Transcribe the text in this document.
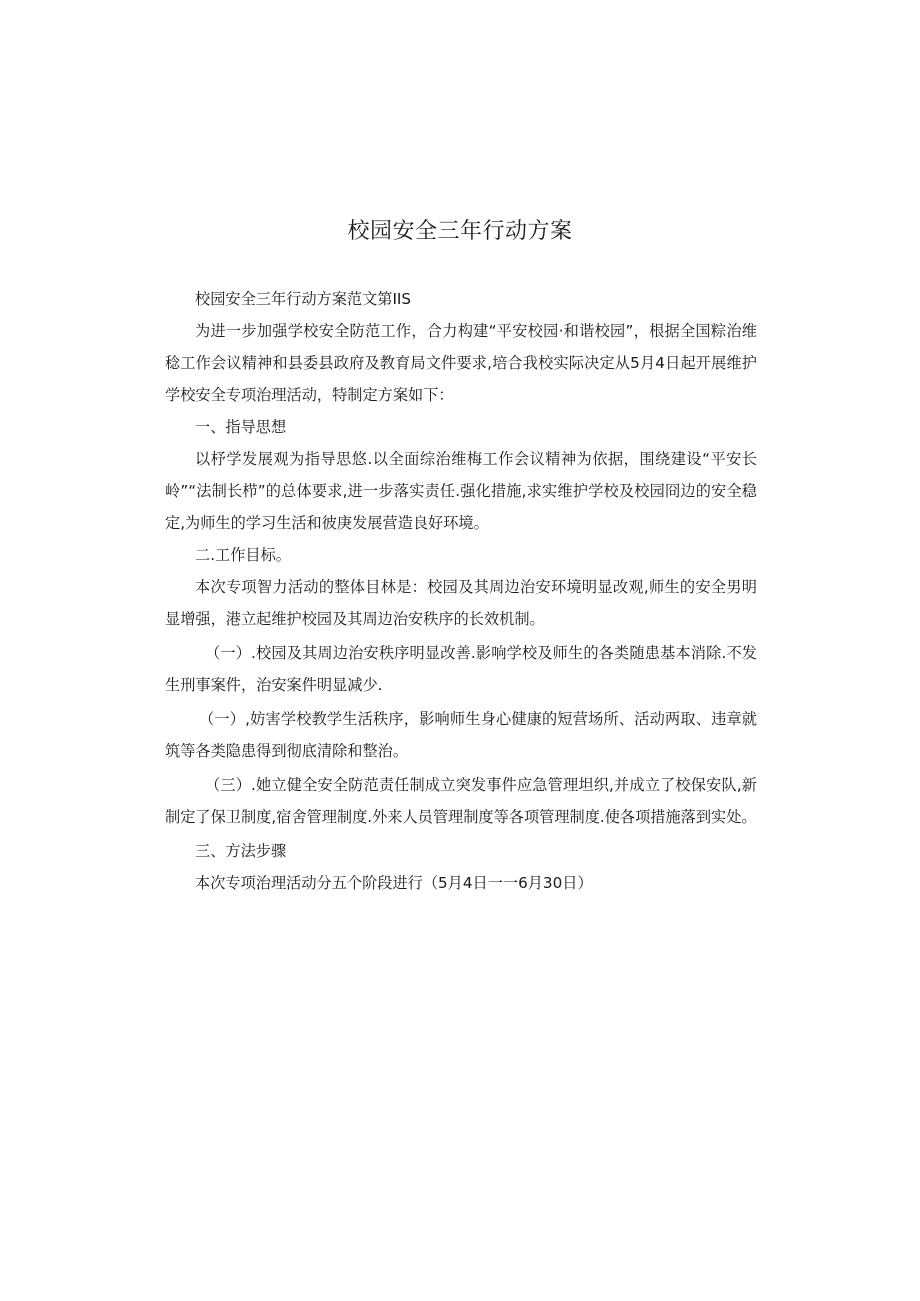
校园安全三年行动方案

校园安全三年行动方案范文第IIS

为进一步加强学校安全防范工作，合力构建“平安校园·和谐校园”，根据全国粽治维稔工作会议精神和县委县政府及教育局文件要求,培合我校实际决定从5月4日起开展维护学校安全专项治理活动，特制定方案如下：

一、指导思想

以杼学发展观为指导思悠.以全面综治维梅工作会议精神为依据，围绕建设“平安长岭”“法制长栉”的总体要求,进一步落实责任.强化措施,求实维护学校及校园冏边的安全稳定,为师生的学习生活和彼庚发展营造良好环境。

二.工作目标。

本次专项智力活动的整体目林是：校园及其周边治安环境明显改观,师生的安全男明显增强，港立起维护校园及其周边治安秩序的长效机制。

（一）.校园及其周边治安秩序明显改善.影响学校及师生的各类随患基本消除.不发生刑事案件，治安案件明显减少.

（一）,妨害学校教学生活秩序，影响师生身心健康的短营场所、活动两取、违章就筑等各类隐患得到彻底清除和整治。

（三）.她立健全安全防范责任制成立突发事件应急管理坦织,并成立了校保安队,新制定了保卫制度,宿舍管理制度.外来人员管理制度等各项管理制度.使各项措施落到实处。

三、方法步骤

本次专项治理活动分五个阶段进行（5月4日一一6月30日）
